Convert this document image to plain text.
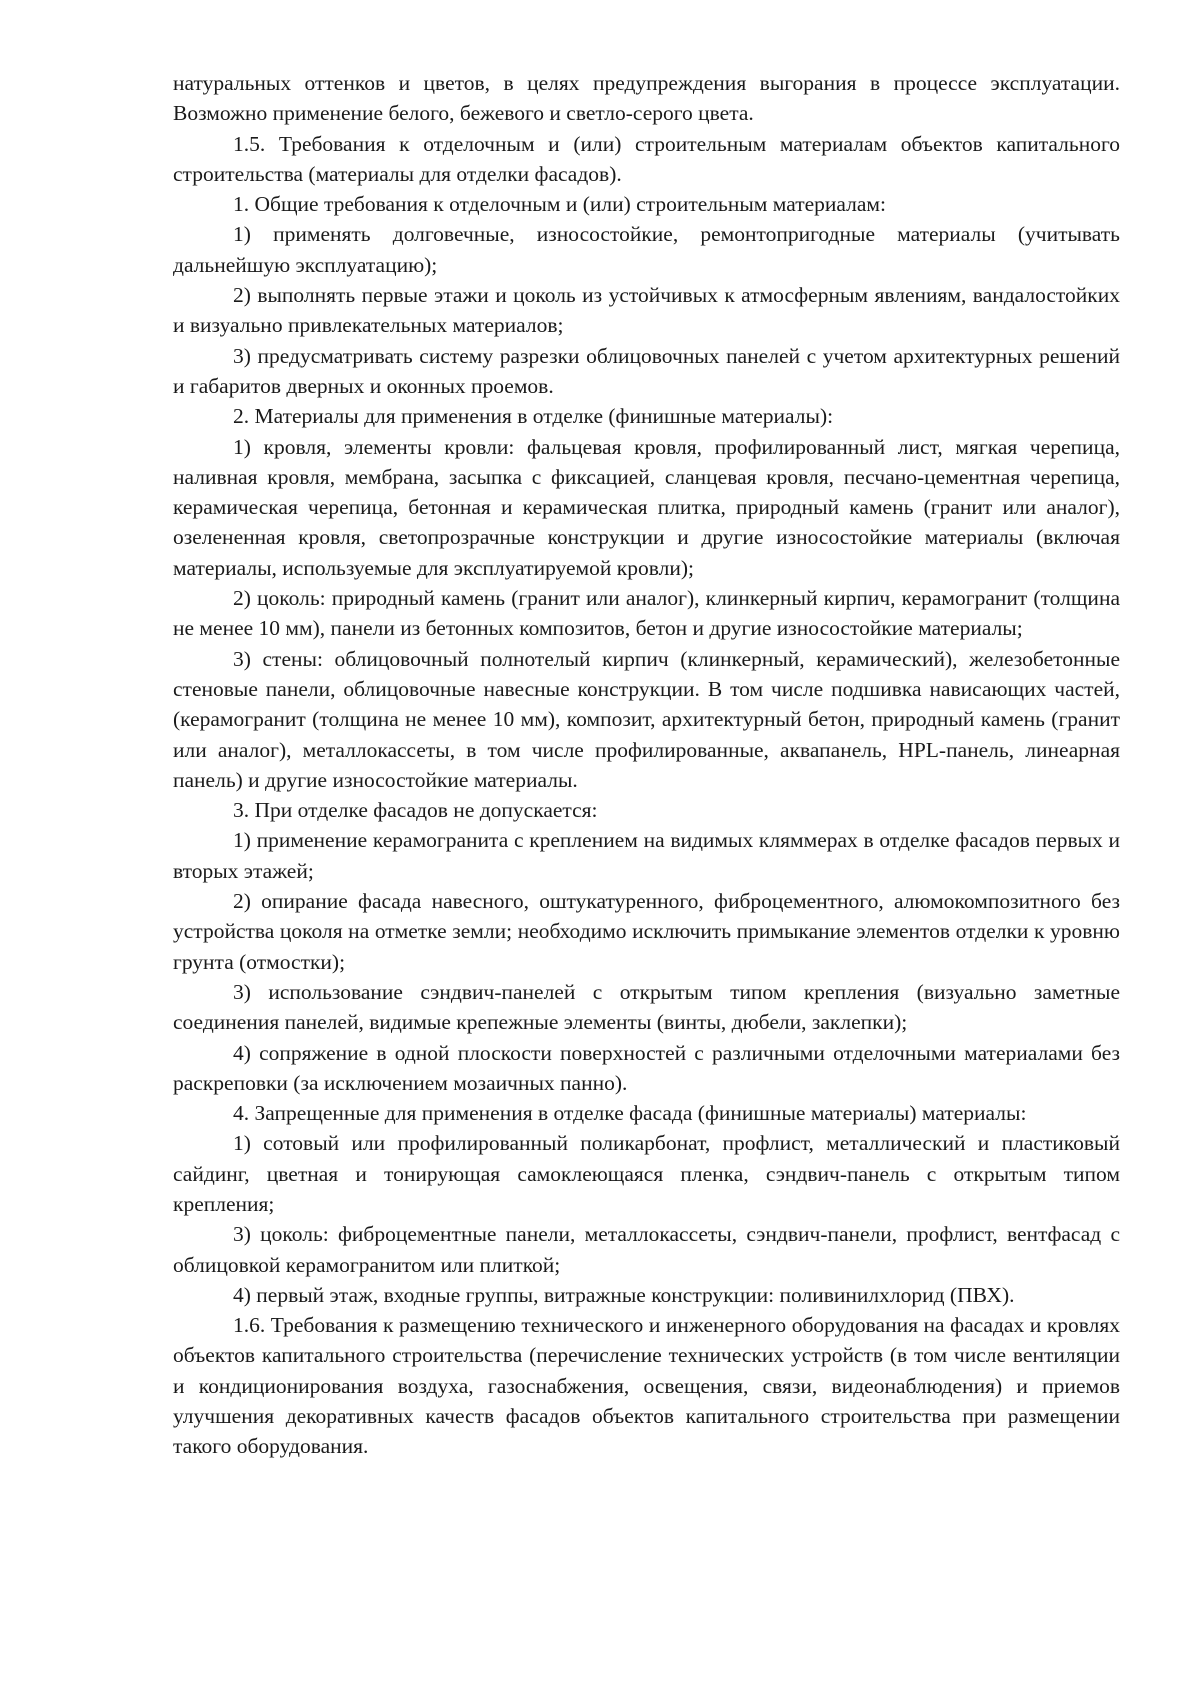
натуральных оттенков и цветов, в целях предупреждения выгорания в процессе эксплуатации. Возможно применение белого, бежевого и светло-серого цвета.

1.5. Требования к отделочным и (или) строительным материалам объектов капитального строительства (материалы для отделки фасадов).

1. Общие требования к отделочным и (или) строительным материалам:

1) применять долговечные, износостойкие, ремонтопригодные материалы (учитывать дальнейшую эксплуатацию);

2) выполнять первые этажи и цоколь из устойчивых к атмосферным явлениям, вандалостойких и визуально привлекательных материалов;

3) предусматривать систему разрезки облицовочных панелей с учетом архитектурных решений и габаритов дверных и оконных проемов.

2. Материалы для применения в отделке (финишные материалы):

1) кровля, элементы кровли: фальцевая кровля, профилированный лист, мягкая черепица, наливная кровля, мембрана, засыпка с фиксацией, сланцевая кровля, песчано-цементная черепица, керамическая черепица, бетонная и керамическая плитка, природный камень (гранит или аналог), озелененная кровля, светопрозрачные конструкции и другие износостойкие материалы (включая материалы, используемые для эксплуатируемой кровли);

2) цоколь: природный камень (гранит или аналог), клинкерный кирпич, керамогранит (толщина не менее 10 мм), панели из бетонных композитов, бетон и другие износостойкие материалы;

3) стены: облицовочный полнотелый кирпич (клинкерный, керамический), железобетонные стеновые панели, облицовочные навесные конструкции. В том числе подшивка нависающих частей, (керамогранит (толщина не менее 10 мм), композит, архитектурный бетон, природный камень (гранит или аналог), металлокассеты, в том числе профилированные, аквапанель, HPL-панель, линеарная панель) и другие износостойкие материалы.

3. При отделке фасадов не допускается:

1) применение керамогранита с креплением на видимых кляммерах в отделке фасадов первых и вторых этажей;

2) опирание фасада навесного, оштукатуренного, фиброцементного, алюмокомпозитного без устройства цоколя на отметке земли; необходимо исключить примыкание элементов отделки к уровню грунта (отмостки);

3) использование сэндвич-панелей с открытым типом крепления (визуально заметные соединения панелей, видимые крепежные элементы (винты, дюбели, заклепки);

4) сопряжение в одной плоскости поверхностей с различными отделочными материалами без раскреповки (за исключением мозаичных панно).

4. Запрещенные для применения в отделке фасада (финишные материалы) материалы:

1) сотовый или профилированный поликарбонат, профлист, металлический и пластиковый сайдинг, цветная и тонирующая самоклеющаяся пленка, сэндвич-панель с открытым типом крепления;

3) цоколь: фиброцементные панели, металлокассеты, сэндвич-панели, профлист, вентфасад с облицовкой керамогранитом или плиткой;

4) первый этаж, входные группы, витражные конструкции: поливинилхлорид (ПВХ).

1.6. Требования к размещению технического и инженерного оборудования на фасадах и кровлях объектов капитального строительства (перечисление технических устройств (в том числе вентиляции и кондиционирования воздуха, газоснабжения, освещения, связи, видеонаблюдения) и приемов улучшения декоративных качеств фасадов объектов капитального строительства при размещении такого оборудования.
